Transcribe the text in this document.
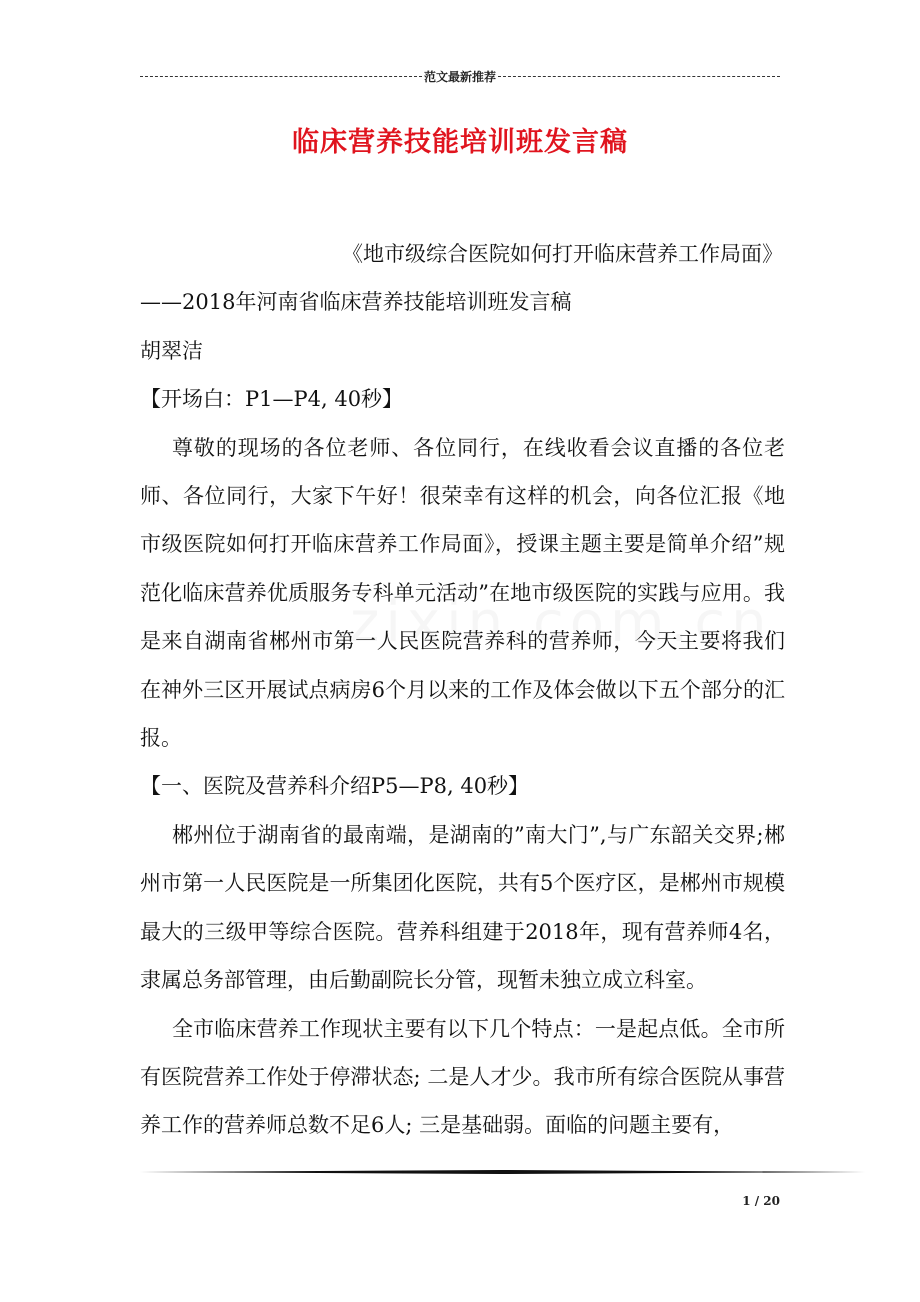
范文最新推荐
临床营养技能培训班发言稿

《地市级综合医院如何打开临床营养工作局面》

——2018年河南省临床营养技能培训班发言稿

胡翠洁

【开场白：P1—P4, 40秒】

尊敬的现场的各位老师、各位同行，在线收看会议直播的各位老师、各位同行，大家下午好！很荣幸有这样的机会，向各位汇报《地市级医院如何打开临床营养工作局面》，授课主题主要是简单介绍”规范化临床营养优质服务专科单元活动”在地市级医院的实践与应用。我是来自湖南省郴州市第一人民医院营养科的营养师，今天主要将我们在神外三区开展试点病房6个月以来的工作及体会做以下五个部分的汇报。

【一、医院及营养科介绍P5—P8, 40秒】

郴州位于湖南省的最南端，是湖南的”南大门”,与广东韶关交界;郴州市第一人民医院是一所集团化医院，共有5个医疗区，是郴州市规模最大的三级甲等综合医院。营养科组建于2018年，现有营养师4名，隶属总务部管理，由后勤副院长分管，现暂未独立成立科室。

全市临床营养工作现状主要有以下几个特点：一是起点低。全市所有医院营养工作处于停滞状态; 二是人才少。我市所有综合医院从事营养工作的营养师总数不足6人; 三是基础弱。面临的问题主要有，

1 / 20
